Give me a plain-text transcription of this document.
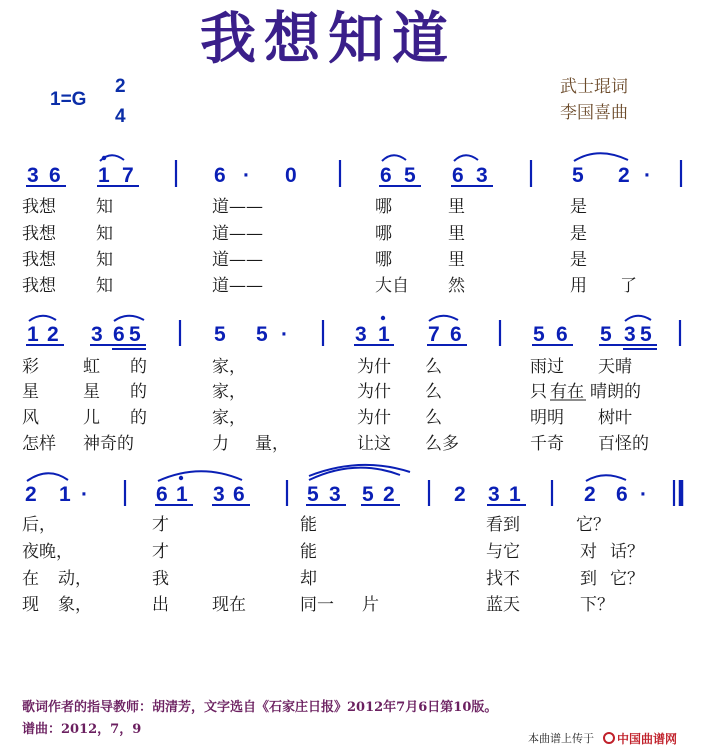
我想知道
1=G
2
4
武士琨词
李国喜曲
3 6 1 7	6 · 0	6 5 6 3	5 2 ·
我想 知	道——	哪	里	是
我想 知	道——	哪	里	是
我想 知	道——	哪	里	是
我想 知	道——	大自 然	用 了
1 2 3 6 5	5 5 ·	3 1 7 6	5 6 5 3 5
彩	虹 的	家，	为什 么	雨过 天晴
星	星 的	家，	为什 么	只 有在 晴朗的
风	儿 的	家，	为什 么	明明 树叶
怎样 神奇的	力 量，	让这 么多	千奇 百怪的
2 1 ·	6 1 3 6	5 3 5 2	2 3 1	2 6 ·
后，	才	能	看到	它？
夜晚，	才	能	与它	对 话？
在 动，	我	却	找不	到 它？
现 象，	出	现在	同一 片	蓝天	下？
歌词作者的指导教师：胡清芳，文字选自《石家庄日报》2012年7月6日第10版。
谱曲：2012，7，9
本曲谱上传于 中国曲谱网
